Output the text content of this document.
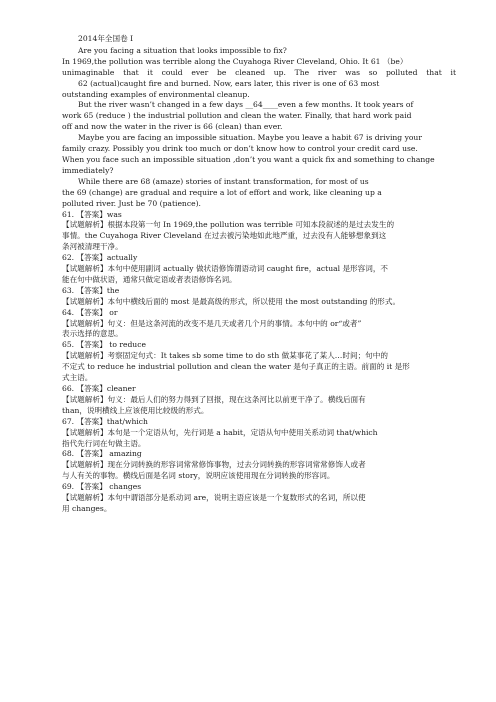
2014年全国卷 I
Are you facing a situation that looks impossible to fix?
In 1969,the pollution was terrible along the Cuyahoga River Cleveland, Ohio. It 61 （be）
unimaginable that it could ever be cleaned up. The river was so polluted that it
62 (actual)caught fire and burned. Now, ears later, this river is one of 63 most
outstanding examples of environmental cleanup.
But the river wasn’t changed in a few days __64____even a few months. It took years of
work 65 (reduce ) the industrial pollution and clean the water. Finally, that hard work paid
off and now the water in the river is 66 (clean) than ever.
Maybe you are facing an impossible situation. Maybe you leave a habit 67 is driving your
family crazy. Possibly you drink too much or don’t know how to control your credit card use.
When you face such an impossible situation ,don’t you want a quick fix and something to change
immediately?
While there are 68 (amaze) stories of instant transformation, for most of us
the 69 (change) are gradual and require a lot of effort and work, like cleaning up a
polluted river. Just be 70 (patience).
61. 【答案】was
【试题解析】根据本段第一句 In 1969,the pollution was terrible 可知本段叙述的是过去发生的
事情。the Cuyahoga River Cleveland 在过去被污染地如此地严重，过去没有人能够想象到这
条河被清理干净。
62. 【答案】actually
【试题解析】本句中使用副词 actually 做状语修饰谓语动词 caught fire，actual 是形容词，不
能在句中做状语，通常只做定语或者表语修饰名词。
63. 【答案】the
【试题解析】本句中横线后面的 most 是最高级的形式，所以使用 the most outstanding 的形式。
64. 【答案】 or
【试题解析】句义：但是这条河流的改变不是几天或者几个月的事情。本句中的 or“或者”
表示选择的意思。
65. 【答案】 to reduce
【试题解析】考察固定句式：It takes sb some time to do sth 做某事花了某人…时间；句中的
不定式 to reduce he industrial pollution and clean the water 是句子真正的主语。前面的 it 是形
式主语。
66. 【答案】cleaner
【试题解析】句义：最后人们的努力得到了回报，现在这条河比以前更干净了。横线后面有
than，说明横线上应该使用比较级的形式。
67. 【答案】that/which
【试题解析】本句是一个定语从句，先行词是 a habit，定语从句中使用关系动词 that/which
指代先行词在句做主语。
68. 【答案】 amazing
【试题解析】现在分词转换的形容词常常修饰事物，过去分词转换的形容词常常修饰人或者
与人有关的事物。横线后面是名词 story，说明应该使用现在分词转换的形容词。
69. 【答案】 changes
【试题解析】本句中谓语部分是系动词 are，说明主语应该是一个复数形式的名词，所以使
用 changes。
